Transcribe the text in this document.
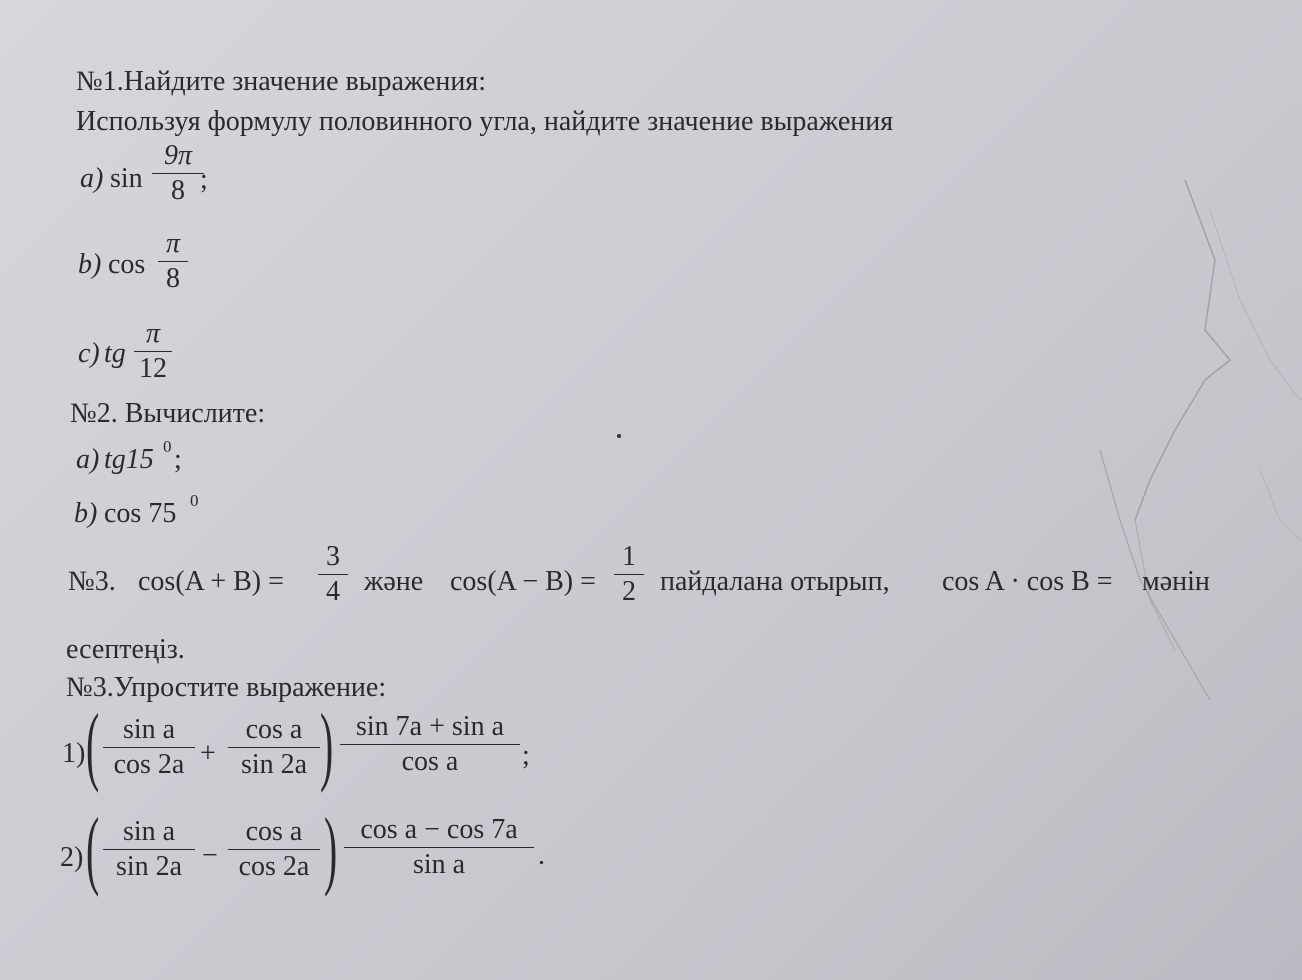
№1.Найдите значение выражения:
Используя формулу половинного угла, найдите значение выражения
a) sin
9π
8 ;
b) cos
π
8
c) tg
π
12
№2. Вычислите:
a) tg15 0 ;
b) cos 75 0
№3. cos(A + B) =
3
4 және cos(A − B) =
1
2 пайдалана отырып, cos A · cos B = мәнін
есептеңіз.
№3.Упростите выражение:
1) ( sin a
cos 2a +
cos a
sin 2a ) sin 7a + sin a
cos a	;
2) ( sin a
sin 2a −
cos a
cos 2a ) cos a − cos 7a
sin a	.
